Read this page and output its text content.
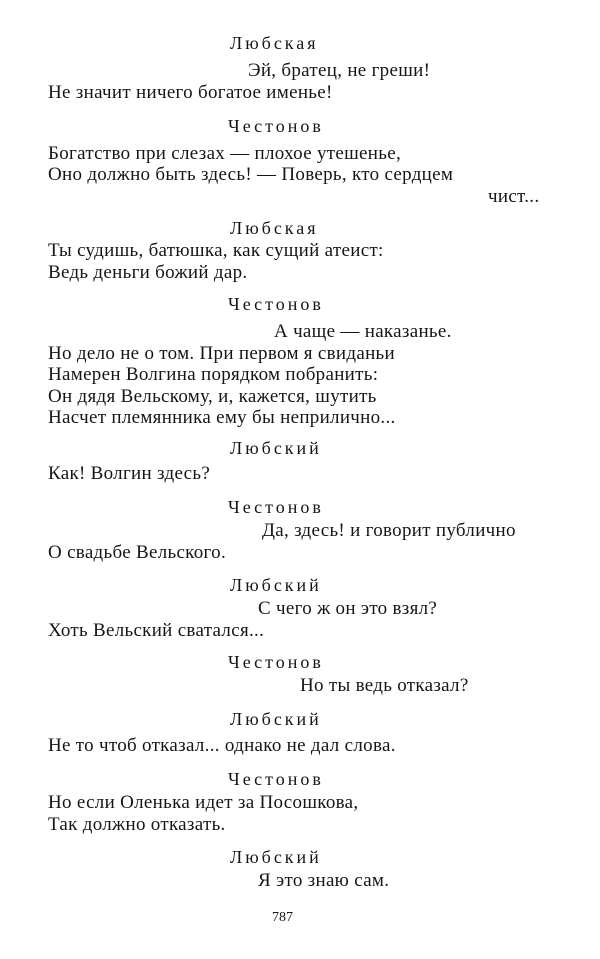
Любская
Эй, братец, не греши!
Не значит ничего богатое именье!
Честонов
Богатство при слезах — плохое утешенье,
Оно должно быть здесь! — Поверь, кто сердцем
чист...
Любская
Ты судишь, батюшка, как сущий атеист:
Ведь деньги божий дар.
Честонов
А чаще — наказанье.
Но дело не о том. При первом я свиданьи
Намерен Волгина порядком побранить:
Он дядя Вельскому, и, кажется, шутить
Насчет племянника ему бы неприлично...
Любский
Как! Волгин здесь?
Честонов
Да, здесь! и говорит публично
О свадьбе Вельского.
Любский
С чего ж он это взял?
Хоть Вельский сватался...
Честонов
Но ты ведь отказал?
Любский
Не то чтоб отказал... однако не дал слова.
Честонов
Но если Оленька идет за Посошкова,
Так должно отказать.
Любский
Я это знаю сам.
787
